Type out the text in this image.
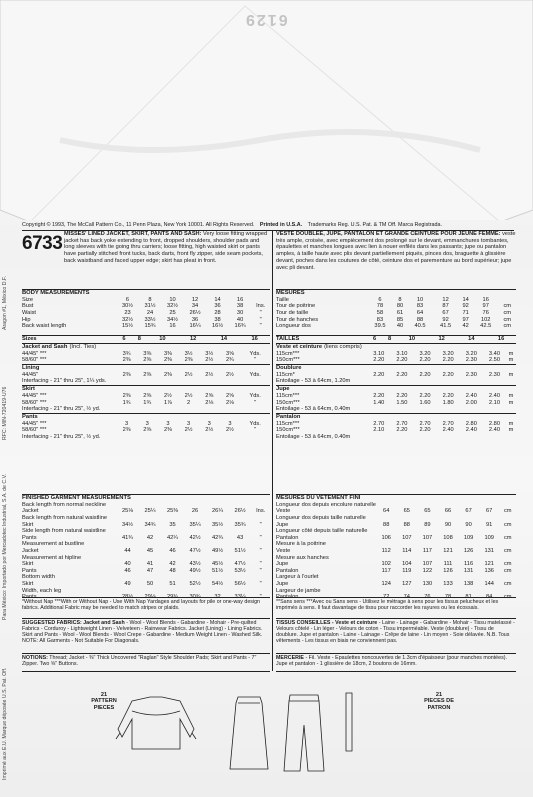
6129
Imprimé aux E.U. Marque déposée U.S. Pat. Off.
Para México: Importado por Mercadotec Industrial, S.A. de C.V.
RFC: MIN-720419-U76
Aragon #1, México D.F.
Copyright © 1993, The McCall Pattern Co., 11 Penn Plaza, New York 10001. All Rights Reserved. Printed in U.S.A. Trademarks Reg. U.S. Pat. & TM Off. Marca Registrada.
6733 MISSES' LINED JACKET, SKIRT, PANTS AND SASH: Very loose fitting wrapped jacket has back yoke extending to front, dropped shoulders, shoulder pads and long sleeves with tie going thru carriers; loose fitting, high waisted skirt or pants have partially stitched front tucks, back darts, front fly zipper, side seam pockets, back waistband and faced upper edge; skirt has pleat in front.
BODY MEASUREMENTS
Size	6	8	10	12	14	16	
Bust	30½	31½	32½	34	36	38	Ins.
Waist	23	24	25	26½	28	30	"
Hip	32½	33½	34½	36	38	40	"
Back waist length	15½	15¾	16	16¼	16½	16¾	"
Sizes	6	8	10	12	14	16	
Jacket and Sash (Incl. Ties)
44/45" ***	3¾	3⅜	3⅜	3½	3½	3⅝	Yds.
58/60" ***	2⅜	2⅜	2⅜	2⅜	2½	2¾	"
Lining
44/45"	2⅜	2⅜	2⅜	2½	2½	2½	Yds.
Interfacing - 21" thru 25", 1¼ yds.
Skirt
44/45" ***	2⅜	2⅜	2½	2½	2⅝	2⅝	Yds.
58/60" ***	1¾	1¾	1⅞	2	2⅛	2⅛	"
Interfacing - 21" thru 25", ½ yd.
Pants
44/45" ***	3	3	3	3	3	3	Yds.
58/60" ***	2⅜	2⅜	2⅜	2½	2½	2½	"
Interfacing - 21" thru 25", ½ yd.
FINISHED GARMENT MEASUREMENTS
Back length from normal neckline							
Jacket	25⅛	25¼	25⅜	26	26¼	26½	Ins.
Back length from natural waistline							
Skirt	34½	34¾	35	35¼	35½	35¾	"
Side length from natural waistline							
Pants	41¾	42	42¼	42½	42¾	43	"
Measurement at bustline							
Jacket	44	45	46	47½	49½	51½	"
Measurement at hipline							
Skirt	40	41	42	43½	45½	47½	"
Pants	46	47	48	49½	51½	53½	"
Bottom width							
Skirt	49	50	51	52½	54½	56½	"
Width, each leg							
Pants	28½	29⅛	29¾	30¾	32	33¼	"
*Without Nap ***With or Without Nap - Use With Nap Yardages and layouts for pile or one-way design fabrics. Additional Fabric may be needed to match stripes or plaids.
SUGGESTED FABRICS: Jacket and Sash - Wool - Wool Blends - Gabardine - Mohair - Pre-quilted Fabrics - Corduroy - Lightweight Linen - Velveteen - Rainwear Fabrics. Jacket (Lining) - Lining Fabrics. Skirt and Pants - Wool - Wool Blends - Wool Crepe - Gabardine - Medium Weight Linen - Washed Silk. NOTE: All Garments - Not Suitable For Diagonals.
NOTIONS: Thread; Jacket - ⅜" Thick Uncovered "Raglan" Style Shoulder Pads; Skirt and Pants - 7" Zipper. Two ⅝" Buttons.
21
PATTERN PIECES
VESTE DOUBLEE, JUPE, PANTALON ET GRANDE CEINTURE POUR JEUNE FEMME: veste très ample, croisée, avec empiècement dos prolongé sur le devant, emmanchures tombantes, épaulettes et manches longues avec lien à nouer enfilés dans les passants; jupe ou pantalon amples, à taille haute avec plis devant partiellement piqués, pinces dos, braguette à glissière devant, poches dans les coutures de côté, ceinture dos et parementure au bord supérieur; jupe avec pli devant.
MESURES
Taille	6	8	10	12	14	16	
Tour de poitrine	78	80	83	87	92	97	cm
Tour de taille	58	61	64	67	71	76	cm
Tour de hanches	83	85	88	92	97	102	cm
Longueur dos	39.5	40	40.5	41.5	42	42.5	cm
TAILLES	6	8	10	12	14	16	
Veste et ceinture (liens compris)
115cm***	3.10	3.10	3.20	3.20	3.20	3.40	m
150cm***	2.20	2.20	2.20	2.20	2.30	2.50	m
Doublure
115cm*	2.20	2.20	2.20	2.20	2.30	2.30	m
Entoilage - 53 à 64cm, 1.20m
Jupe
115cm***	2.20	2.20	2.20	2.20	2.40	2.40	m
150cm***	1.40	1.50	1.60	1.80	2.00	2.10	m
Entoilage - 53 à 64cm, 0.40m
Pantalon
115cm***	2.70	2.70	2.70	2.70	2.80	2.80	m
150cm***	2.10	2.20	2.20	2.40	2.40	2.40	m
Entoilage - 53 à 64cm, 0.40m
MESURES DU VETEMENT FINI
Longueur dos depuis encolure naturelle							
Veste	64	65	65	66	67	67	cm
Longueur dos depuis taille naturelle							
Jupe	88	88	89	90	90	91	cm
Longueur côté depuis taille naturelle							
Pantalon	106	107	107	108	109	109	cm
Mesure à la poitrine							
Veste	112	114	117	121	126	131	cm
Mesure aux hanches							
Jupe	102	104	107	111	116	121	cm
Pantalon	117	119	122	126	131	136	cm
Largeur à l'ourlet							
Jupe	124	127	130	133	138	144	cm
Largeur de jambe							
Pantalon	72	74	76	78	81	84	cm
**Sans sens ***Avec ou Sans sens - Utilisez le métrage à sens pour les tissus pelucheux et les imprimés à sens. Il faut davantage de tissu pour raccorder les rayures ou les écossais.
TISSUS CONSEILLES - Veste et ceinture - Laine - Lainage - Gabardine - Mohair - Tissu matelassé - Velours côtelé - Lin léger - Velours de coton - Tissu imperméable. Veste (doublure) - Tissu de doublure. Jupe et pantalon - Laine - Lainage - Crêpe de laine - Lin moyen - Soie délavée. N.B. Tous vêtements - Les tissus en biais ne conviennent pas.
MERCERIE - Fil. Veste - Epaulettes noncouvertes de 1.3cm d'épaisseur (pour manches montées). Jupe et pantalon - 1 glissière de 18cm, 2 boutons de 16mm.
21
PIECES DE PATRON
